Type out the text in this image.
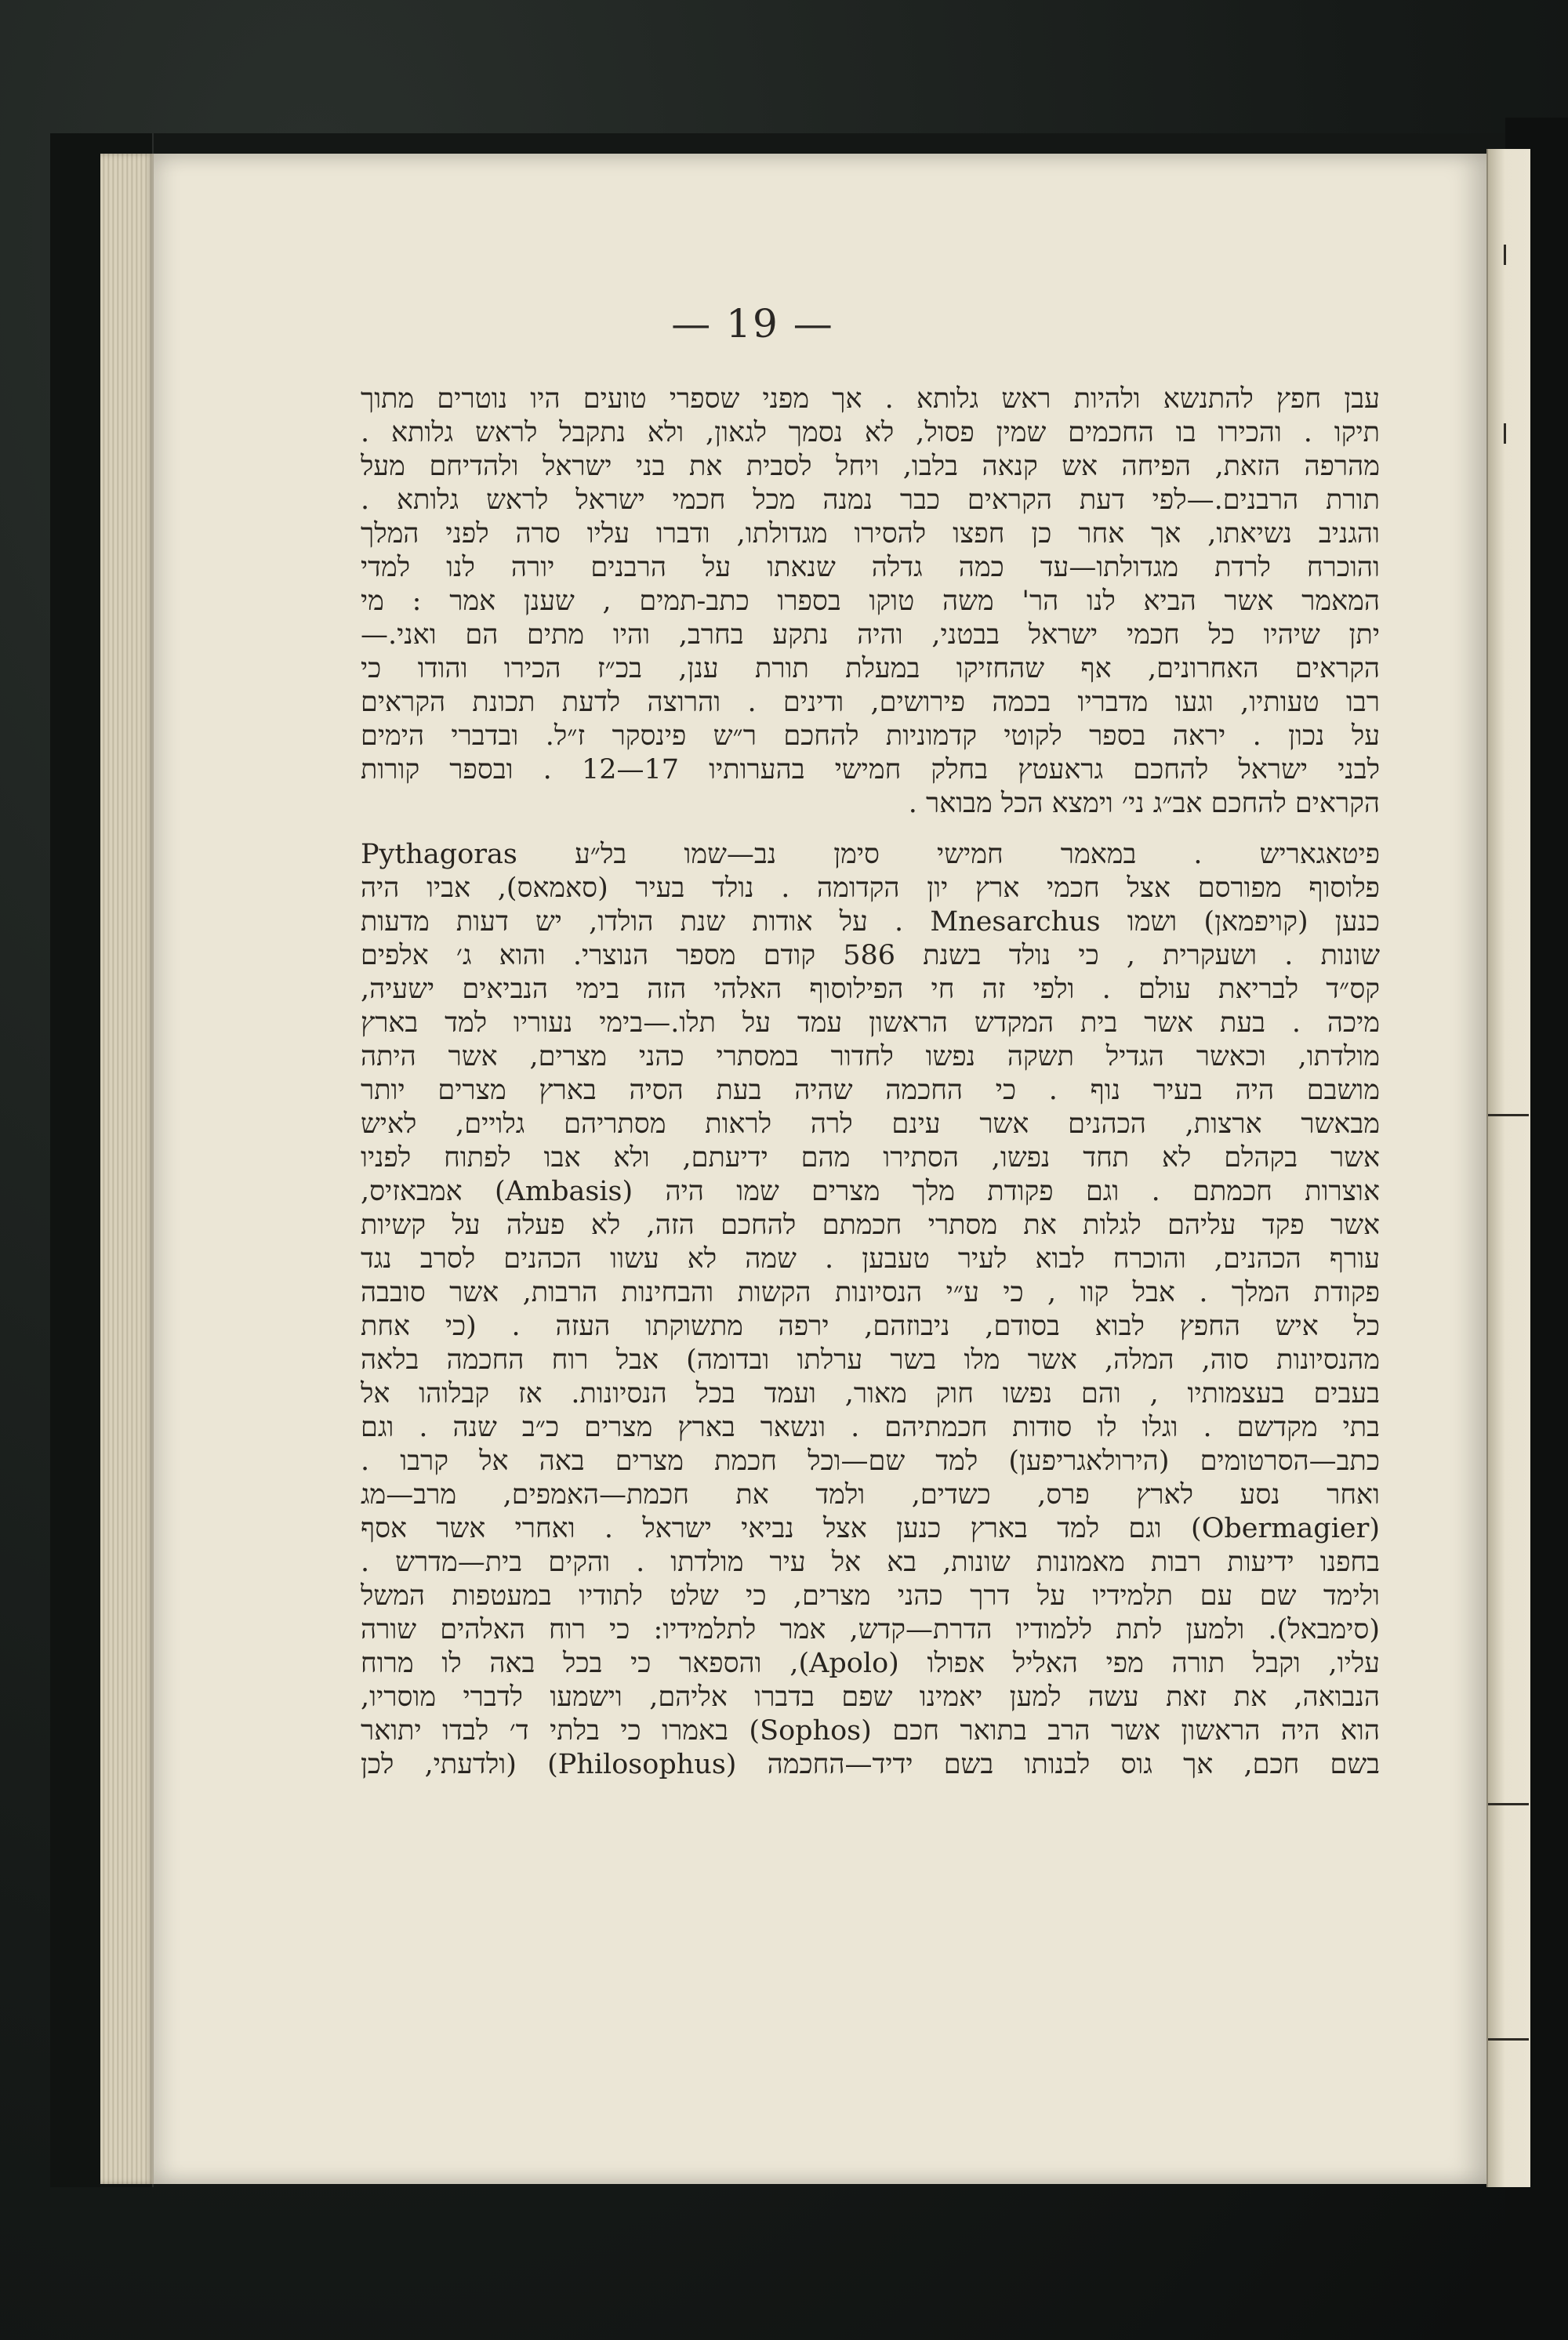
— 19 —
עבן חפץ להתנשא ולהיות ראש גלותא . אך מפני שספרי טועים היו נוטרים מתוך
תיקו . והכירו בו החכמים שמין פסול, לא נסמך לגאון, ולא נתקבל לראש גלותא .
מהרפה הזאת, הפיחה אש קנאה בלבו, ויחל לסבית את בני ישראל ולהדיחם מעל
תורת הרבנים.—לפי דעת הקראים כבר נמנה מכל חכמי ישראל לראש גלותא .
והגניב נשיאתו, אך אחר כן חפצו להסירו מגדולתו, ודברו עליו סרה לפני המלך
והוכרח לרדת מגדולתו—עד כמה גדלה שנאתו על הרבנים יורה לנו למדי
המאמר אשר הביא לנו הר' משה טוקו בספרו כתב-תמים , שענן אמר : מי
יתן שיהיו כל חכמי ישראל בבטני, והיה נתקע בחרב, והיו מתים הם ואני.—
הקראים האחרונים, אף שהחזיקו במעלת תורת ענן, בכ״ז הכירו והודו כי
רבו טעותיו, וגעו מדבריו בכמה פירושים, ודינים . והרוצה לדעת תכונת הקראים
על נכון . יראה בספר לקוטי קדמוניות להחכם ר״ש פינסקר ז״ל. ובדברי הימים
לבני ישראל להחכם גראעטץ בחלק חמישי בהערותיו 17—12 . ובספר קורות
הקראים להחכם אב״ג ני׳ וימצא הכל מבואר .
פיטאגאריש . במאמר חמישי סימן נב—שמו בל״ע Pythagoras
פלוסוף מפורסם אצל חכמי ארץ יון הקדומה . נולד בעיר (סאמאס), אביו היה
כנען (קויפמאן) ושמו Mnesarchus . על אודות שנת הולדו, יש דעות מדעות
שונות . ושעקרית , כי נולד בשנת 586 קודם מספר הנוצרי. והוא ג׳ אלפים
קס״ד לבריאת עולם . ולפי זה חי הפילוסוף האלהי הזה בימי הנביאים ישעיה,
מיכה . בעת אשר בית המקדש הראשון עמד על תלו.—בימי נעוריו למד בארץ
מולדתו, וכאשר הגדיל תשקה נפשו לחדור במסתרי כהני מצרים, אשר היתה
מושבם היה בעיר נוף . כי החכמה שהיה בעת הסיה בארץ מצרים יותר
מבאשר ארצות, הכהנים אשר עינם לרה לראות מסתריהם גלויים, לאיש
אשר בקהלם לא תחד נפשו, הסתירו מהם ידיעתם, ולא אבו לפתוח לפניו
אוצרות חכמתם . וגם פקודת מלך מצרים שמו היה (Ambasis) אמבאזיס,
אשר פקד עליהם לגלות את מסתרי חכמתם להחכם הזה, לא פעלה על קשיות
עורף הכהנים, והוכרח לבוא לעיר טעבען . שמה לא עשוו הכהנים לסרב נגד
פקודת המלך . אבל קוו , כי ע״י הנסיונות הקשות והבחינות הרבות, אשר סובבה
כל איש החפץ לבוא בסודם, ניבוזהם, ירפה מתשוקתו העזה . (כי אחת
מהנסיונות סוה, המלה, אשר מלו בשר ערלתו ובדומה) אבל רוח החכמה בלאה
בעבים בעצמותיו , והם נפשו חוק מאור, ועמד בכל הנסיונות. אז קבלוהו אל
בתי מקדשם . וגלו לו סודות חכמתיהם . ונשאר בארץ מצרים כ״ב שנה . וגם
כתב—הסרטומים (הירולאגריפען) למד שם—וכל חכמת מצרים באה אל קרבו .
ואחר נסע לארץ פרס, כשדים, ולמד את חכמת—האמפים, מרב—מג
(Obermagier) וגם למד בארץ כנען אצל נביאי ישראל . ואחרי אשר אסף
בחפנו ידיעות רבות מאמונות שונות, בא אל עיר מולדתו . והקים בית—מדרש .
ולימד שם עם תלמידיו על דרך כהני מצרים, כי שלט לתודיו במעטפות המשל
(סימבאל). ולמען לתת ללמודיו הדרת—קדש, אמר לתלמידיו: כי רוח האלהים שורה
עליו, וקבל תורה מפי האליל אפולו (Apolo), והספאר כי בכל באה לו מרוח
הנבואה, את זאת עשה למען יאמינו שפם בדברו אליהם, וישמעו לדברי מוסריו,
הוא היה הראשון אשר הרב בתואר חכם (Sophos) באמרו כי בלתי ד׳ לבדו יתואר
בשם חכם, אך גוס לבנותו בשם ידיד—החכמה (Philosophus) (ולדעתי, לכן
